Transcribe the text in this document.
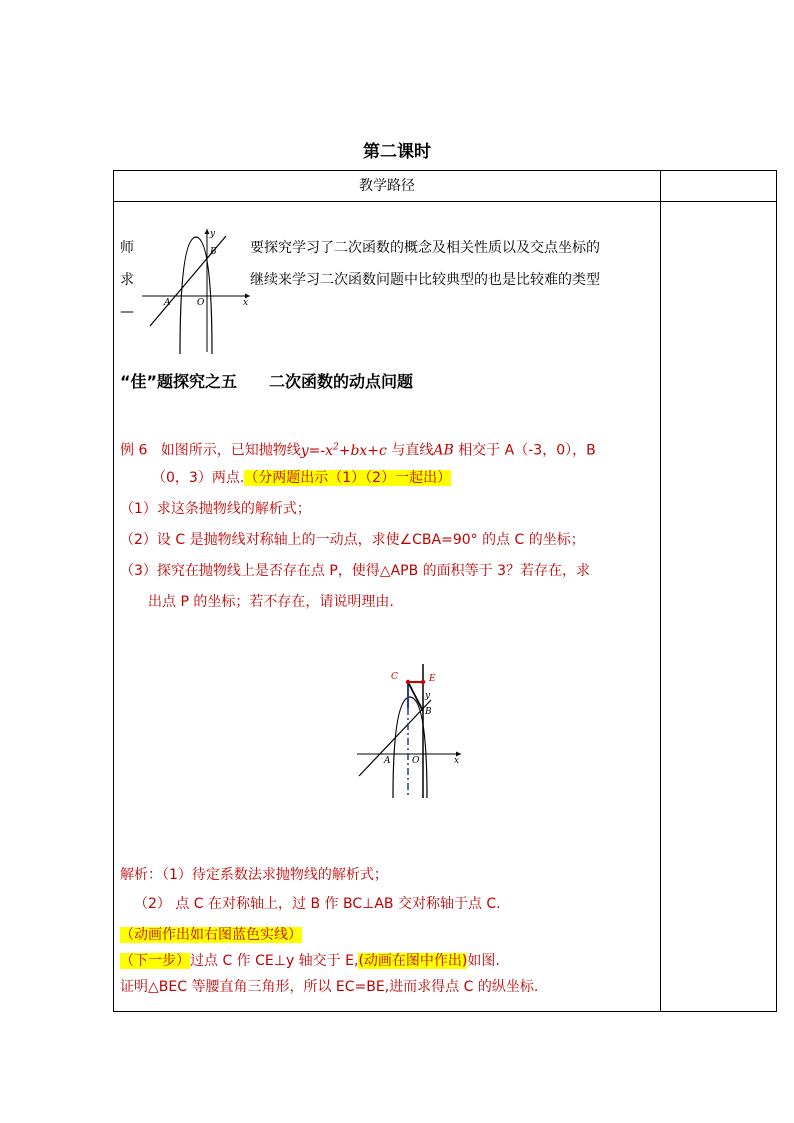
第二课时
教学路径
师
求
—
y
B
A	O	x
要探究学习了二次函数的概念及相关性质以及交点坐标的
继续来学习二次函数问题中比较典型的也是比较难的类型
“佳”题探究之五　　二次函数的动点问题
例 6 如图所示，已知抛物线$y=-x^2+bx+c$ 与直线AB 相交于 A（-3，0），B
（0，3）两点.（分两题出示（1）（2）一起出）
（1）求这条抛物线的解析式；
（2）设 C 是抛物线对称轴上的一动点，求使∠CBA=90° 的点 C 的坐标；
（3）探究在抛物线上是否存在点 P，使得△APB 的面积等于 3？若存在，求
出点 P 的坐标；若不存在，请说明理由.
C	E
y
B
A O	x
解析：（1）待定系数法求抛物线的解析式；
（2） 点 C 在对称轴上，过 B 作 BC⊥AB 交对称轴于点 C.
（动画作出如右图蓝色实线）
（下一步）过点 C 作 CE⊥y 轴交于 E,(动画在图中作出)如图.
证明△BEC 等腰直角三角形，所以 EC=BE,进而求得点 C 的纵坐标.
